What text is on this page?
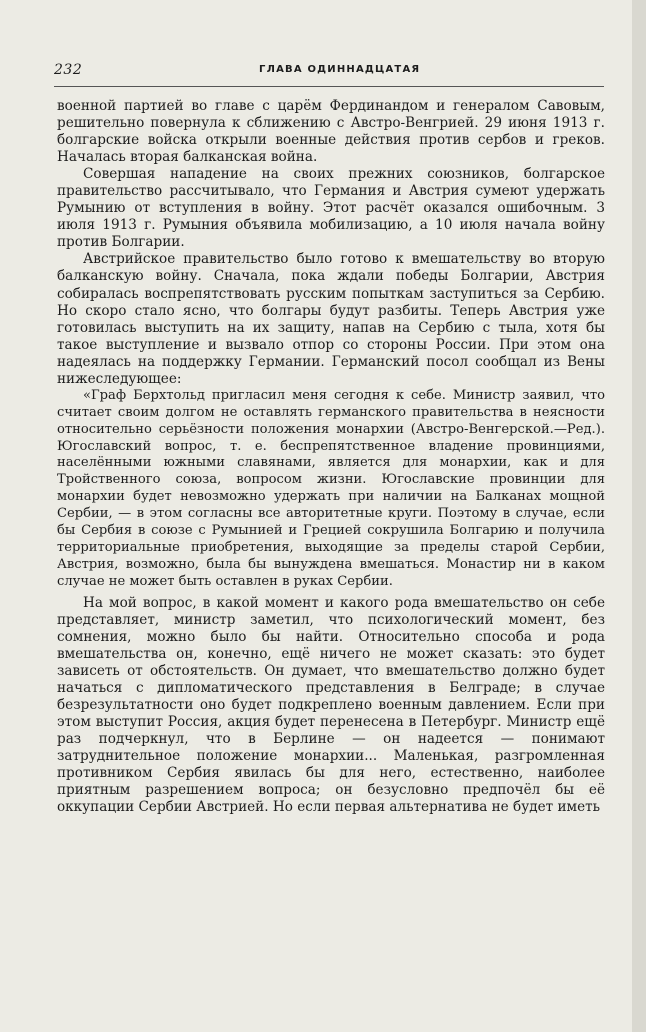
232	ГЛАВА ОДИННАДЦАТАЯ

военной партией во главе с царём Фердинандом и генералом Савовым, решительно повернула к сближению с Австро-Венгрией. 29 июня 1913 г. болгарские войска открыли военные действия против сербов и греков. Началась вторая балканская война.

Совершая нападение на своих прежних союзников, болгарское правительство рассчитывало, что Германия и Австрия сумеют удержать Румынию от вступления в войну. Этот расчёт оказался ошибочным. 3 июля 1913 г. Румыния объявила мобилизацию, а 10 июля начала войну против Болгарии.

Австрийское правительство было готово к вмешательству во вторую балканскую войну. Сначала, пока ждали победы Болгарии, Австрия собиралась воспрепятствовать русским попыткам заступиться за Сербию. Но скоро стало ясно, что болгары будут разбиты. Теперь Австрия уже готовилась выступить на их защиту, напав на Сербию с тыла, хотя бы такое выступление и вызвало отпор со стороны России. При этом она надеялась на поддержку Германии. Германский посол сообщал из Вены нижеследующее:

«Граф Берхтольд пригласил меня сегодня к себе. Министр заявил, что считает своим долгом не оставлять германского правительства в неясности относительно серьёзности положения монархии (Австро-Венгерской.—Ред.). Югославский вопрос, т. е. беспрепятственное владение провинциями, населёнными южными славянами, является для монархии, как и для Тройственного союза, вопросом жизни. Югославские провинции для монархии будет невозможно удержать при наличии на Балканах мощной Сербии, — в этом согласны все авторитетные круги. Поэтому в случае, если бы Сербия в союзе с Румынией и Грецией сокрушила Болгарию и получила территориальные приобретения, выходящие за пределы старой Сербии, Австрия, возможно, была бы вынуждена вмешаться. Монастир ни в каком случае не может быть оставлен в руках Сербии.

На мой вопрос, в какой момент и какого рода вмешательство он себе представляет, министр заметил, что психологический момент, без сомнения, можно было бы найти. Относительно способа и рода вмешательства он, конечно, ещё ничего не может сказать: это будет зависеть от обстоятельств. Он думает, что вмешательство должно будет начаться с дипломатического представления в Белграде; в случае безрезультатности оно будет подкреплено военным давлением. Если при этом выступит Россия, акция будет перенесена в Петербург. Министр ещё раз подчеркнул, что в Берлине — он надеется — понимают затруднительное положение монархии... Маленькая, разгромленная противником Сербия явилась бы для него, естественно, наиболее приятным разрешением вопроса; он безусловно предпочёл бы её оккупации Сербии Австрией. Но если первая альтернатива не будет иметь
